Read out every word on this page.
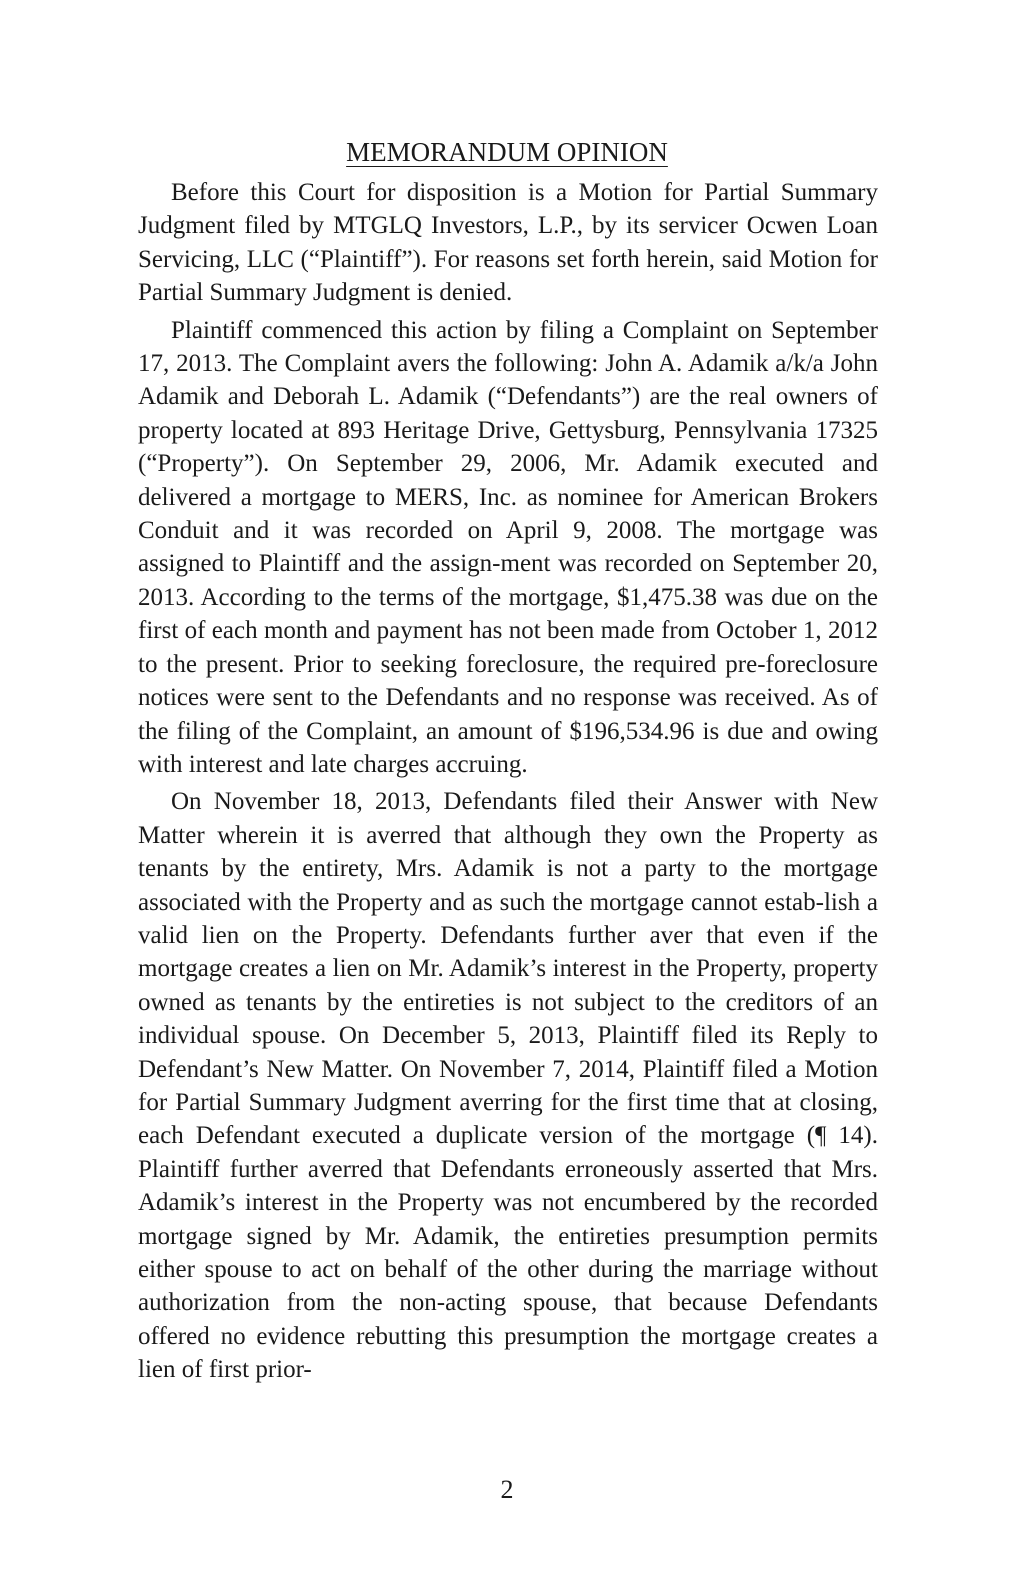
MEMORANDUM OPINION

Before this Court for disposition is a Motion for Partial Summary Judgment filed by MTGLQ Investors, L.P., by its servicer Ocwen Loan Servicing, LLC (“Plaintiff”). For reasons set forth herein, said Motion for Partial Summary Judgment is denied.

Plaintiff commenced this action by filing a Complaint on September 17, 2013. The Complaint avers the following: John A. Adamik a/k/a John Adamik and Deborah L. Adamik (“Defendants”) are the real owners of property located at 893 Heritage Drive, Gettysburg, Pennsylvania 17325 (“Property”). On September 29, 2006, Mr. Adamik executed and delivered a mortgage to MERS, Inc. as nominee for American Brokers Conduit and it was recorded on April 9, 2008. The mortgage was assigned to Plaintiff and the assign-ment was recorded on September 20, 2013. According to the terms of the mortgage, $1,475.38 was due on the first of each month and payment has not been made from October 1, 2012 to the present. Prior to seeking foreclosure, the required pre-foreclosure notices were sent to the Defendants and no response was received. As of the filing of the Complaint, an amount of $196,534.96 is due and owing with interest and late charges accruing.

On November 18, 2013, Defendants filed their Answer with New Matter wherein it is averred that although they own the Property as tenants by the entirety, Mrs. Adamik is not a party to the mortgage associated with the Property and as such the mortgage cannot estab-lish a valid lien on the Property. Defendants further aver that even if the mortgage creates a lien on Mr. Adamik’s interest in the Property, property owned as tenants by the entireties is not subject to the creditors of an individual spouse. On December 5, 2013, Plaintiff filed its Reply to Defendant’s New Matter. On November 7, 2014, Plaintiff filed a Motion for Partial Summary Judgment averring for the first time that at closing, each Defendant executed a duplicate version of the mortgage (¶ 14). Plaintiff further averred that Defendants erroneously asserted that Mrs. Adamik’s interest in the Property was not encumbered by the recorded mortgage signed by Mr. Adamik, the entireties presumption permits either spouse to act on behalf of the other during the marriage without authorization from the non-acting spouse, that because Defendants offered no evidence rebutting this presumption the mortgage creates a lien of first prior-

2
